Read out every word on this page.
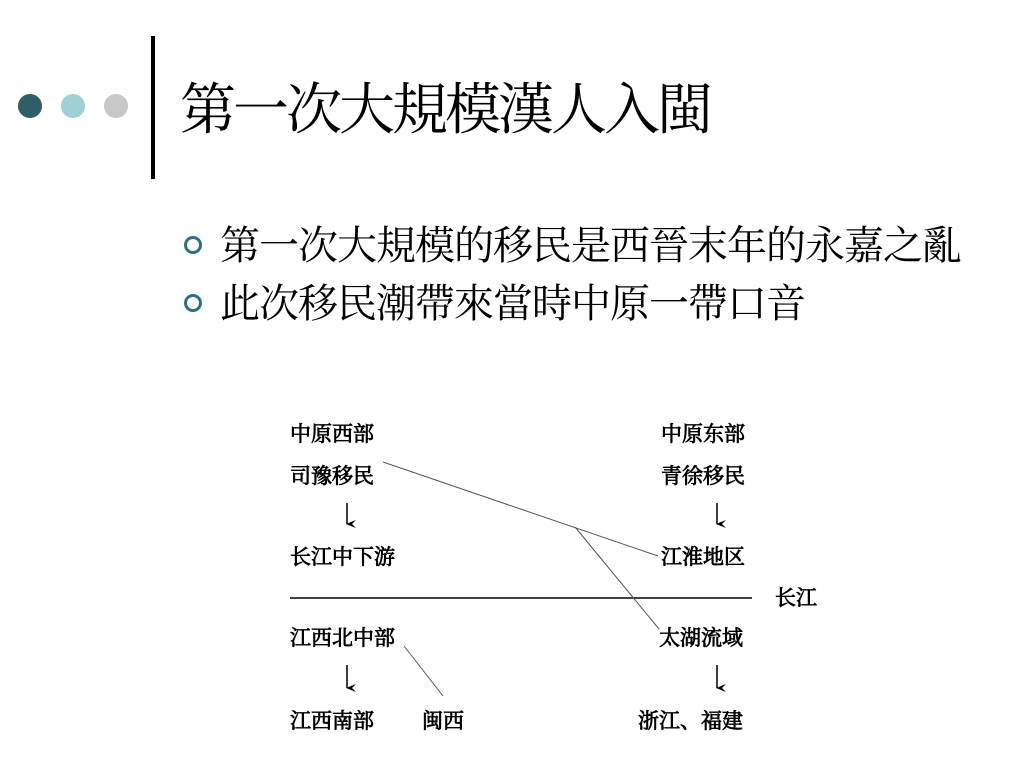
第一次大規模漢人入閩
第一次大規模的移民是西晉末年的永嘉之亂
此次移民潮帶來當時中原一帶口音
中原西部
司豫移民
长江中下游
江西北中部
江西南部 闽西
中原东部
青徐移民
江淮地区
太湖流域
浙江、福建
长江
